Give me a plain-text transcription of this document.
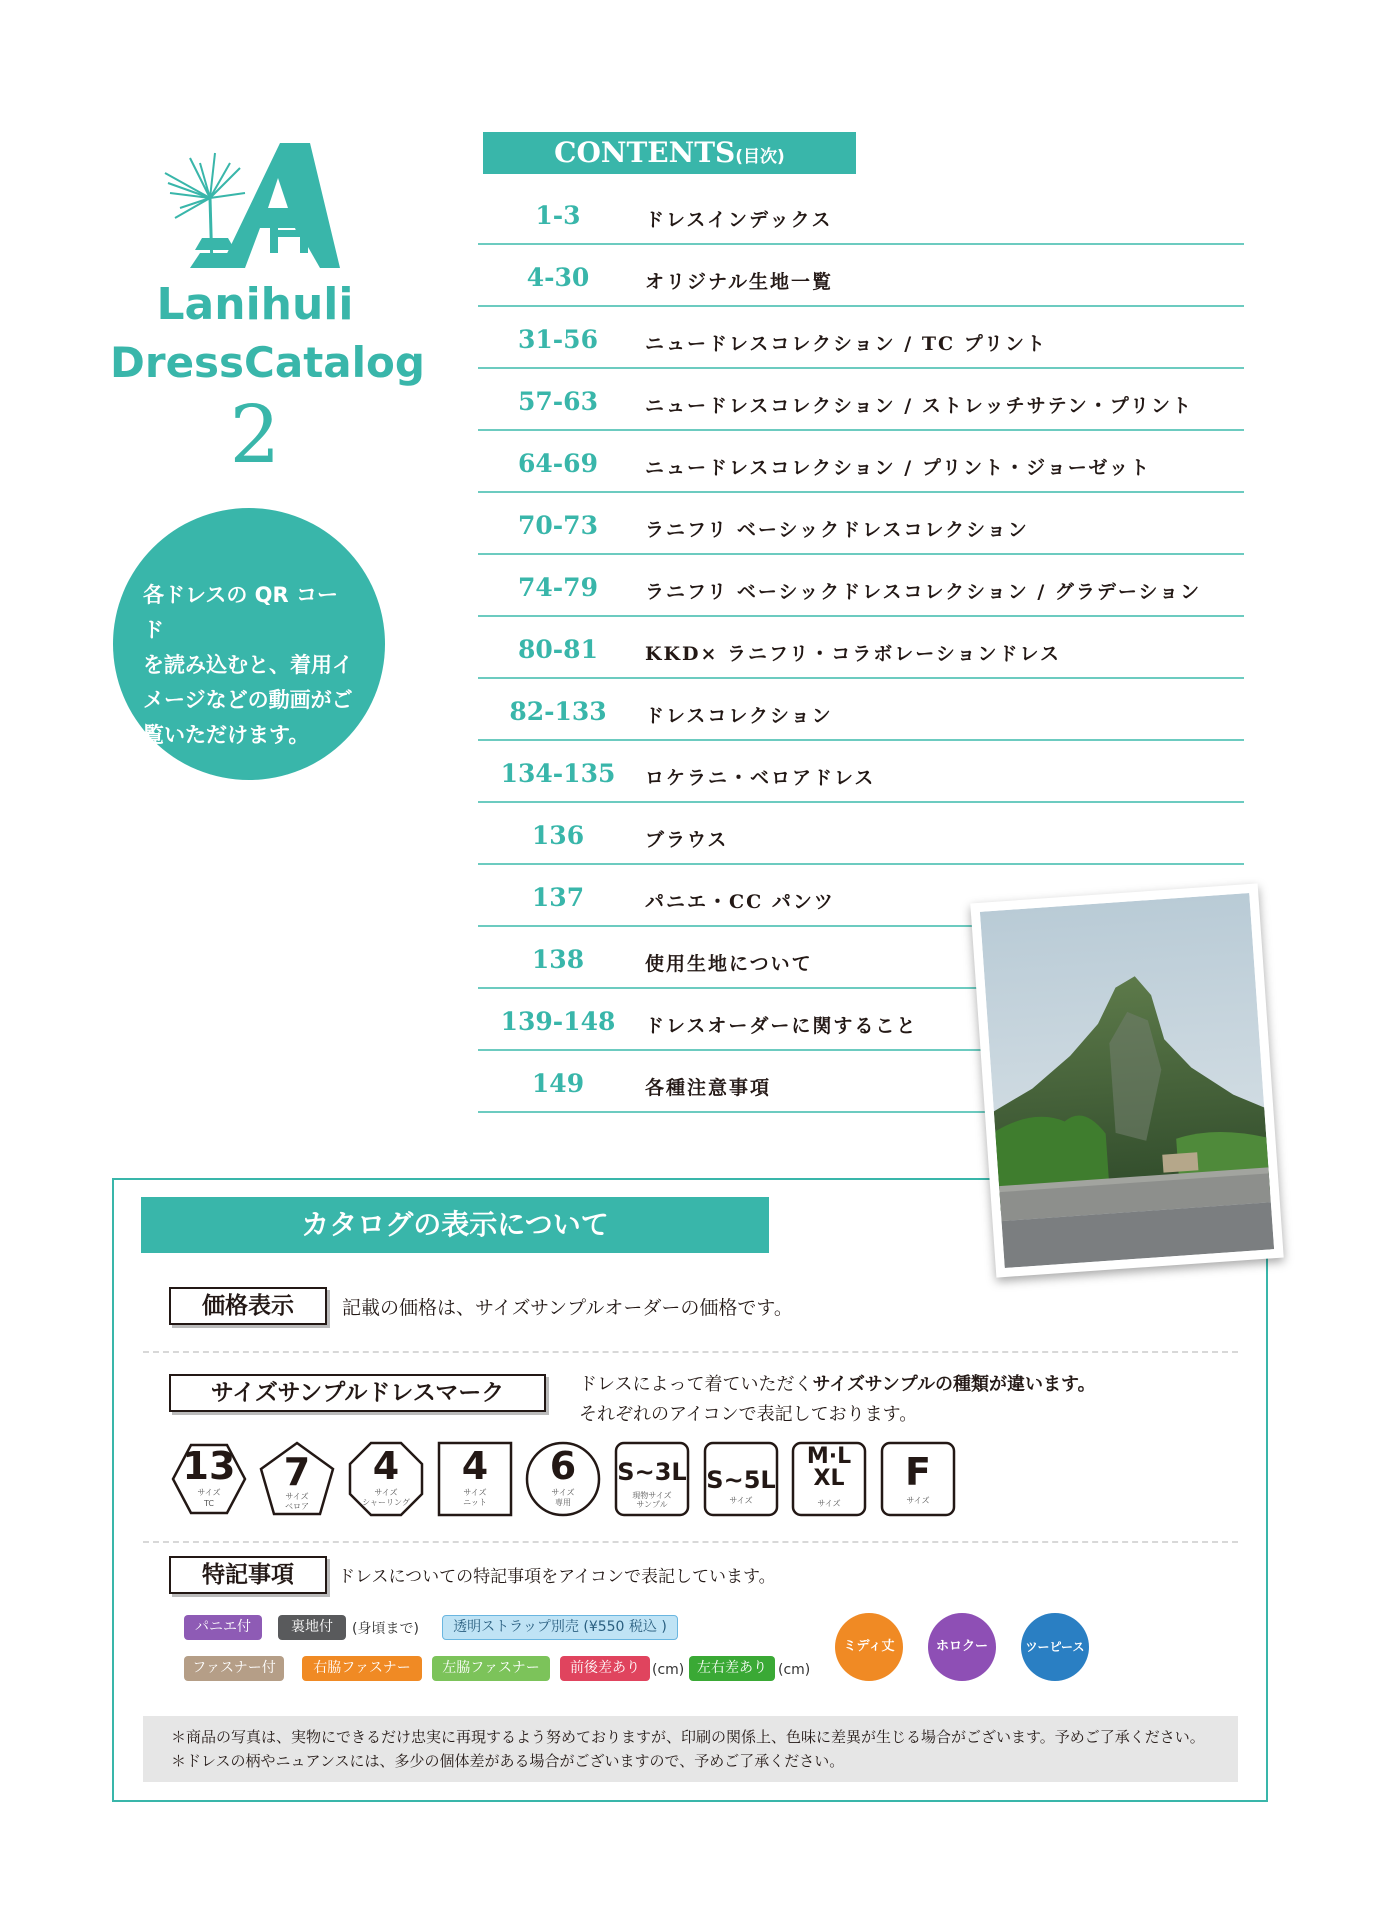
Lanihuli
DressCatalog
2
各ドレスの QR コード
を読み込むと、着用イ
メージなどの動画がご
覧いただけます。
CONTENTS(目次)
1-3	ドレスインデックス
4-30	オリジナル生地一覧
31-56	ニュードレスコレクション / TC プリント
57-63	ニュードレスコレクション / ストレッチサテン・プリント
64-69	ニュードレスコレクション / プリント・ジョーゼット
70-73	ラニフリ ベーシックドレスコレクション
74-79	ラニフリ ベーシックドレスコレクション / グラデーション
80-81	KKD× ラニフリ・コラボレーションドレス
82-133	ドレスコレクション
134-135	ロケラニ・ベロアドレス
136	ブラウス
137	パニエ・CC パンツ
138	使用生地について
139-148	ドレスオーダーに関すること
149	各種注意事項
カタログの表示について
価格表示	記載の価格は、サイズサンプルオーダーの価格です。
サイズサンプルドレスマーク	ドレスによって着ていただくサイズサンプルの種類が違います。
それぞれのアイコンで表記しております。
13
サイズ
TC
7
サイズ
ベロア
4
サイズ
シャーリング
4
サイズ
ニット
6
サイズ
専用
S~3L
現物サイズ
サンプル
S~5L
サイズ
M·L
XL
サイズ
F
サイズ
特記事項	ドレスについての特記事項をアイコンで表記しています。
パニエ付	裏地付	(身頃まで)	透明ストラップ別売 (¥550 税込 )
ファスナー付	右脇ファスナー	左脇ファスナー	前後差あり (cm) 左右差あり (cm)
ミディ丈	ホロクー	ツーピース
＊商品の写真は、実物にできるだけ忠実に再現するよう努めておりますが、印刷の関係上、色味に差異が生じる場合がございます。予めご了承ください。
＊ドレスの柄やニュアンスには、多少の個体差がある場合がございますので、予めご了承ください。
